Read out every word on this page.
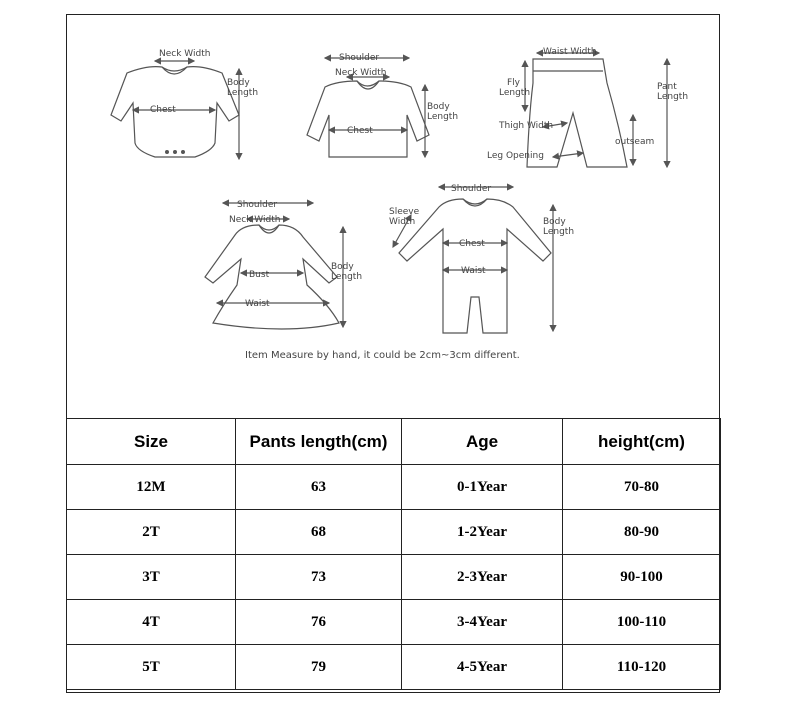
Neck Width
Chest
Body
Length
Shoulder
Neck Width
Chest
Body
Length
Waist Width
Fly
Length
Pant
Length
Thigh Width
outseam
Leg Opening
Shoulder
Neck Width
Bust
Waist
Body
Length
Shoulder
Sleeve
Width
Chest
Waist
Body
Length
Item Measure by hand, it could be 2cm~3cm different.
Size	Pants length(cm)	Age	height(cm)
12M	63	0-1Year	70-80
2T	68	1-2Year	80-90
3T	73	2-3Year	90-100
4T	76	3-4Year	100-110
5T	79	4-5Year	110-120
